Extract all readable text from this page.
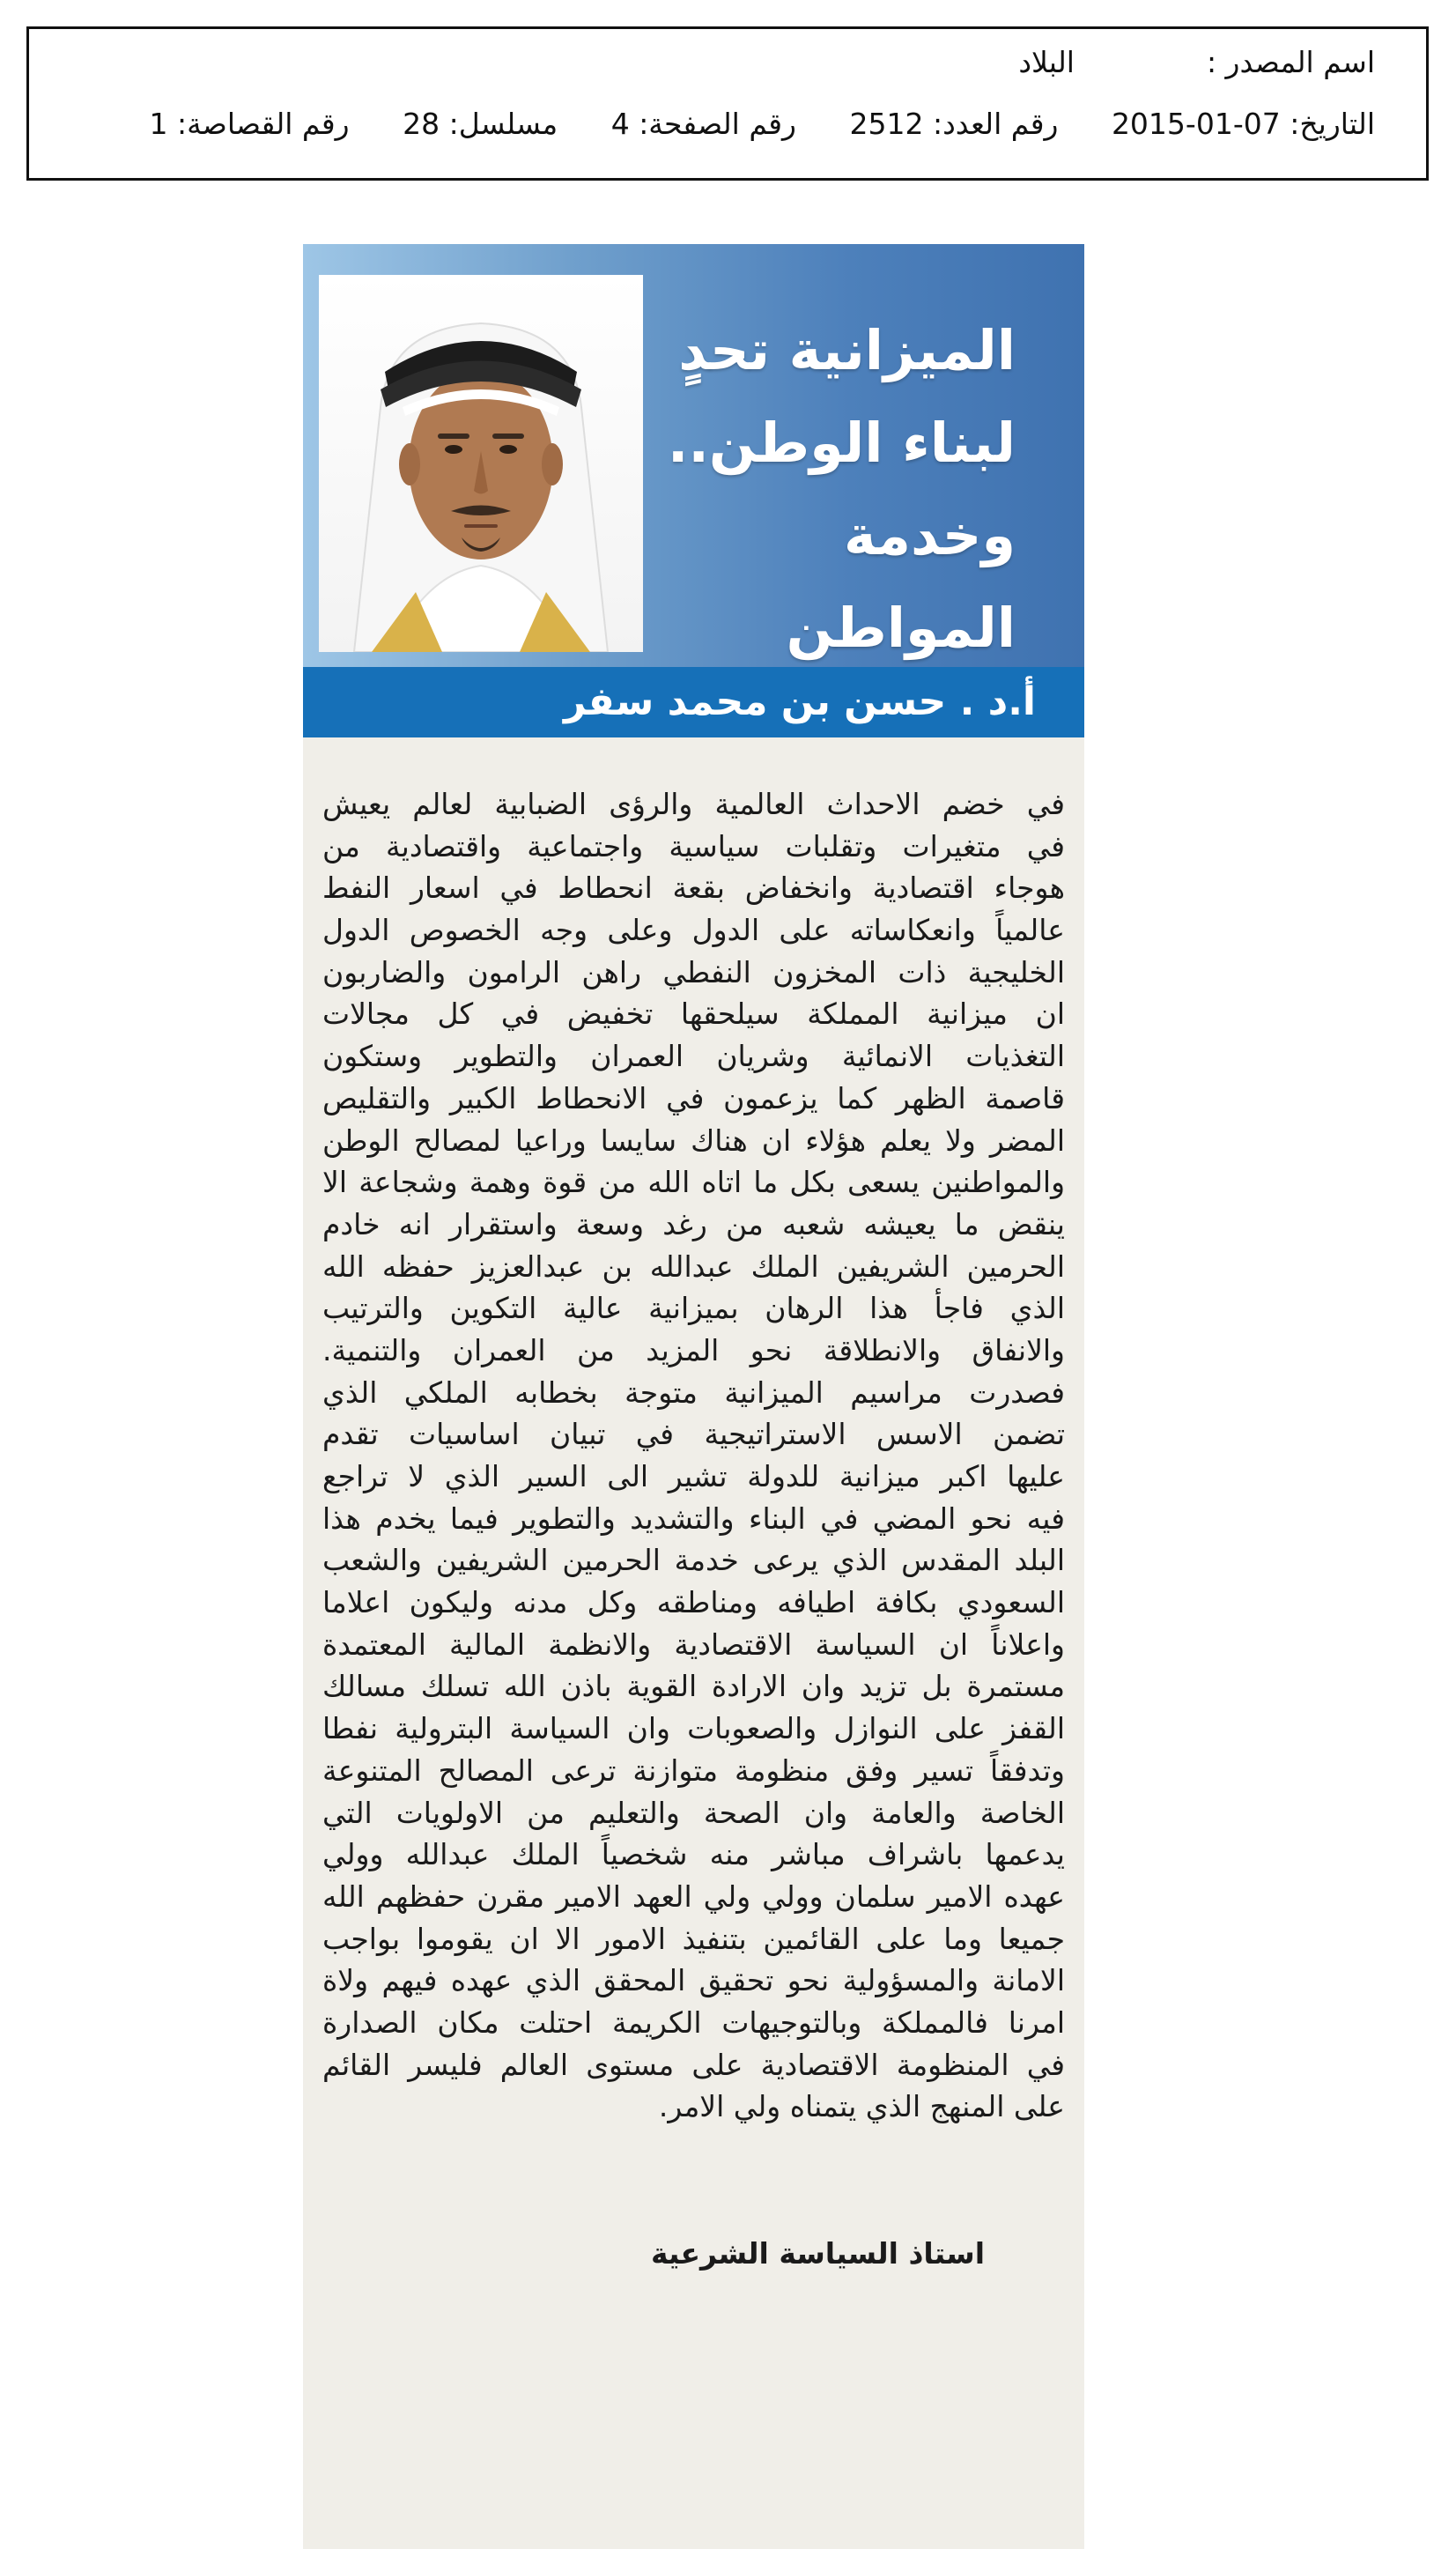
اسم المصدر :البلاد
التاريخ: 2015-01-07 رقم العدد: 2512 رقم الصفحة: 4 مسلسل: 28 رقم القصاصة: 1
الميزانية تحدٍ
لبناء الوطن..
وخدمة المواطن
أ.د . حسن بن محمد سفر
في خضم الاحداث العالمية والرؤى الضبابية لعالم يعيش
في متغيرات وتقلبات سياسية واجتماعية واقتصادية من
هوجاء اقتصادية وانخفاض بقعة انحطاط في اسعار النفط
عالمياً وانعكاساته على الدول وعلى وجه الخصوص الدول
الخليجية ذات المخزون النفطي راهن الرامون والضاربون
ان ميزانية المملكة سيلحقها تخفيض في كل مجالات
التغذيات الانمائية وشريان العمران والتطوير وستكون
قاصمة الظهر كما يزعمون في الانحطاط الكبير والتقليص
المضر ولا يعلم هؤلاء ان هناك سايسا وراعيا لمصالح الوطن
والمواطنين يسعى بكل ما اتاه الله من قوة وهمة وشجاعة الا
ينقض ما يعيشه شعبه من رغد وسعة واستقرار انه خادم
الحرمين الشريفين الملك عبدالله بن عبدالعزيز حفظه الله
الذي فاجأ هذا الرهان بميزانية عالية التكوين والترتيب
والانفاق والانطلاقة نحو المزيد من العمران والتنمية.
فصدرت مراسيم الميزانية متوجة بخطابه الملكي الذي
تضمن الاسس الاستراتيجية في تبيان اساسيات تقدم
عليها اكبر ميزانية للدولة تشير الى السير الذي لا تراجع
فيه نحو المضي في البناء والتشديد والتطوير فيما يخدم هذا
البلد المقدس الذي يرعى خدمة الحرمين الشريفين والشعب
السعودي بكافة اطيافه ومناطقه وكل مدنه وليكون اعلاما
واعلاناً ان السياسة الاقتصادية والانظمة المالية المعتمدة
مستمرة بل تزيد وان الارادة القوية باذن الله تسلك مسالك
القفز على النوازل والصعوبات وان السياسة البترولية نفطا
وتدفقاً تسير وفق منظومة متوازنة ترعى المصالح المتنوعة
الخاصة والعامة وان الصحة والتعليم من الاولويات التي
يدعمها باشراف مباشر منه شخصياً الملك عبدالله وولي
عهده الامير سلمان وولي ولي العهد الامير مقرن حفظهم الله
جميعا وما على القائمين بتنفيذ الامور الا ان يقوموا بواجب
الامانة والمسؤولية نحو تحقيق المحقق الذي عهده فيهم ولاة
امرنا فالمملكة وبالتوجيهات الكريمة احتلت مكان الصدارة
في المنظومة الاقتصادية على مستوى العالم فليسر القائم
على المنهج الذي يتمناه ولي الامر.
استاذ السياسة الشرعية
